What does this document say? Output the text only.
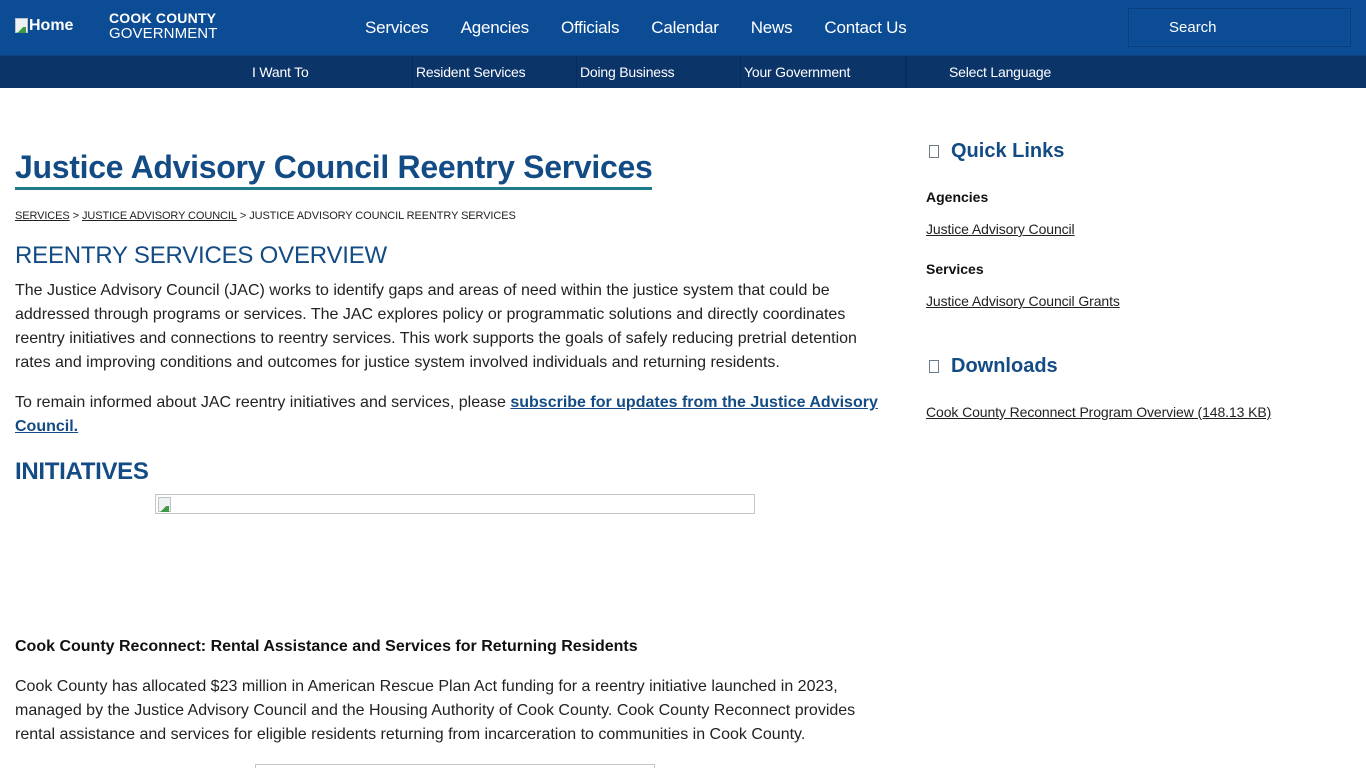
Home	COOK COUNTY
GOVERNMENT	Services	Agencies	Officials	Calendar	News	Contact Us
Search
I Want To	Resident Services	Doing Business	Your Government	Select Language
Justice Advisory Council Reentry Services
SERVICES > JUSTICE ADVISORY COUNCIL > JUSTICE ADVISORY COUNCIL REENTRY SERVICES
REENTRY SERVICES OVERVIEW

The Justice Advisory Council (JAC) works to identify gaps and areas of need within the justice system that could be addressed through programs or services. The JAC explores policy or programmatic solutions and directly coordinates reentry initiatives and connections to reentry services. This work supports the goals of safely reducing pretrial detention rates and improving conditions and outcomes for justice system involved individuals and returning residents.

To remain informed about JAC reentry initiatives and services, please subscribe for updates from the Justice Advisory Council.

INITIATIVES
Cook County Reconnect: Rental Assistance and Services for Returning Residents

Cook County has allocated $23 million in American Rescue Plan Act funding for a reentry initiative launched in 2023, managed by the Justice Advisory Council and the Housing Authority of Cook County. Cook County Reconnect provides rental assistance and services for eligible residents returning from incarceration to communities in Cook County.

Quick Links
Agencies
Justice Advisory Council
Services
Justice Advisory Council Grants
Downloads
Cook County Reconnect Program Overview (148.13 KB)
